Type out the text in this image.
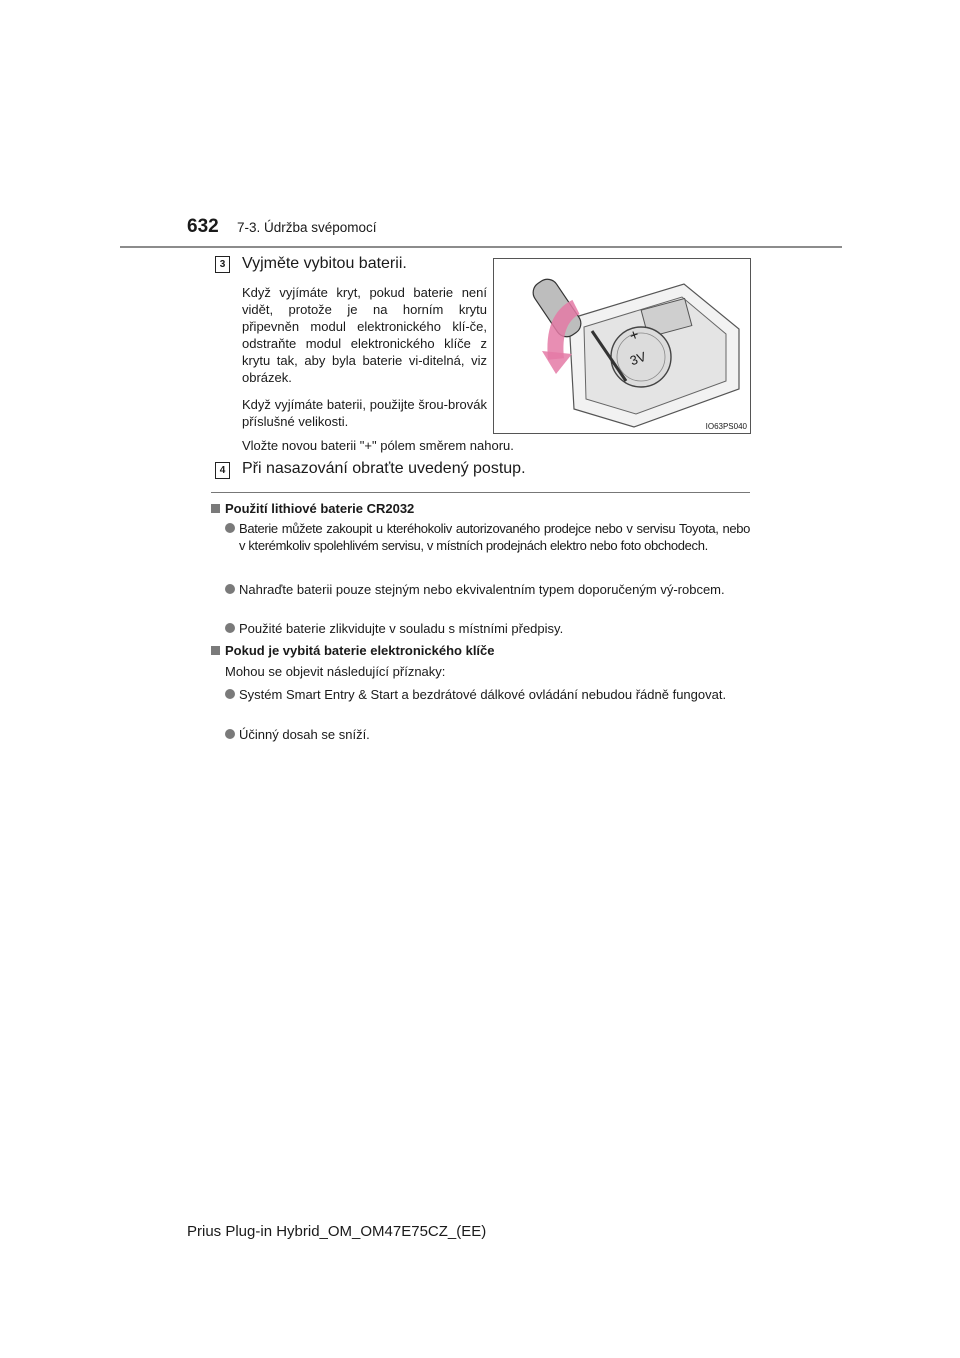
632 7-3. Údržba svépomocí
3 Vyjměte vybitou baterii.
Když vyjímáte kryt, pokud baterie není vidět, protože je na horním krytu připevněn modul elektronického klí-če, odstraňte modul elektronického klíče z krytu tak, aby byla baterie vi-ditelná, viz obrázek.
Když vyjímáte baterii, použijte šrou-brovák příslušné velikosti.
Vložte novou baterii "+" pólem směrem nahoru.
+
3V
IO63PS040
4 Při nasazování obraťte uvedený postup.
Použití lithiové baterie CR2032
Baterie můžete zakoupit u kteréhokoliv autorizovaného prodejce nebo v servisu Toyota, nebo v kterémkoliv spolehlivém servisu, v místních prodejnách elektro nebo foto obchodech.
Nahraďte baterii pouze stejným nebo ekvivalentním typem doporučeným vý-robcem.
Použité baterie zlikvidujte v souladu s místními předpisy.
Pokud je vybitá baterie elektronického klíče
Mohou se objevit následující příznaky:
Systém Smart Entry & Start a bezdrátové dálkové ovládání nebudou řádně fungovat.
Účinný dosah se sníží.
Prius Plug-in Hybrid_OM_OM47E75CZ_(EE)
